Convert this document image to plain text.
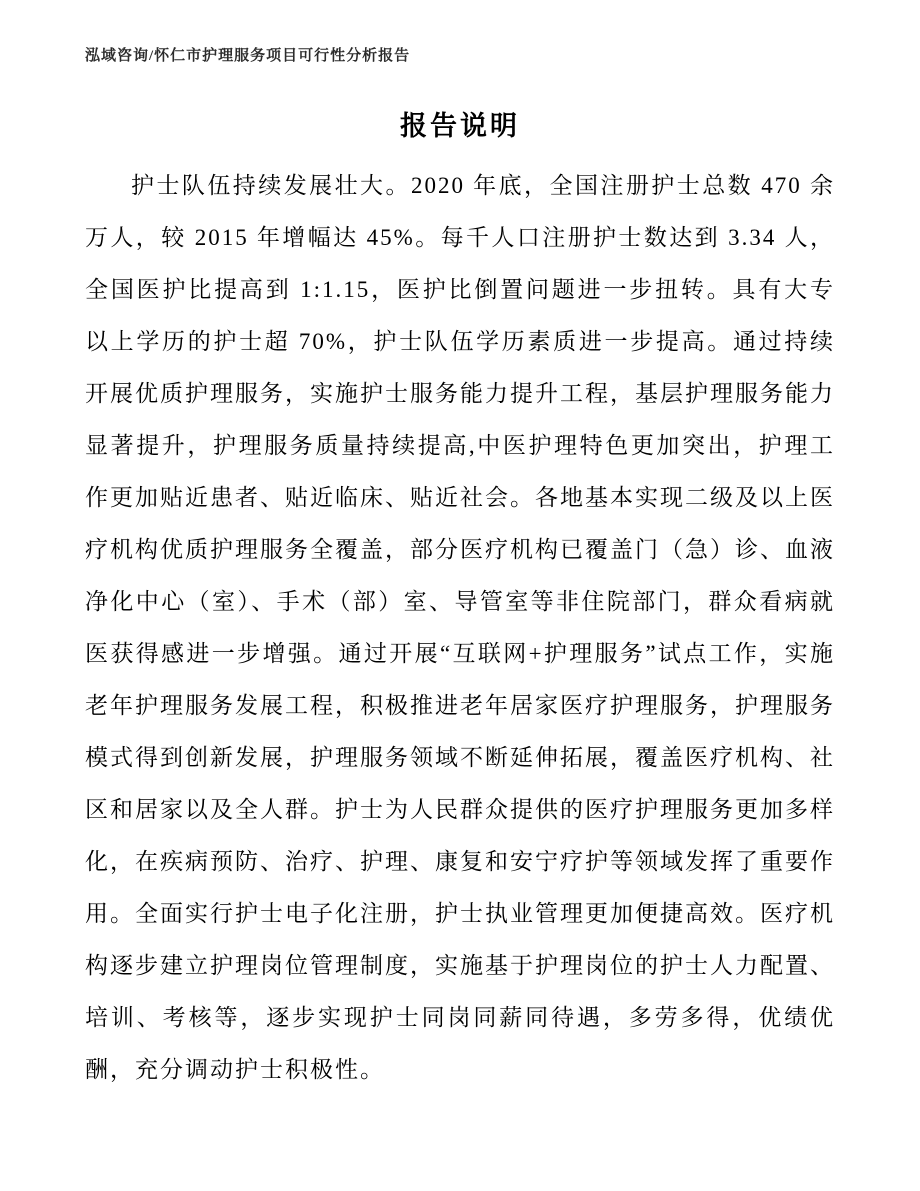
泓域咨询/怀仁市护理服务项目可行性分析报告
报告说明

护士队伍持续发展壮大。2020 年底，全国注册护士总数 470 余万人，较 2015 年增幅达 45%。每千人口注册护士数达到 3.34 人，全国医护比提高到 1:1.15，医护比倒置问题进一步扭转。具有大专以上学历的护士超 70%，护士队伍学历素质进一步提高。通过持续开展优质护理服务，实施护士服务能力提升工程，基层护理服务能力显著提升，护理服务质量持续提高,中医护理特色更加突出，护理工作更加贴近患者、贴近临床、贴近社会。各地基本实现二级及以上医疗机构优质护理服务全覆盖，部分医疗机构已覆盖门（急）诊、血液净化中心（室）、手术（部）室、导管室等非住院部门，群众看病就医获得感进一步增强。通过开展“互联网+护理服务”试点工作，实施老年护理服务发展工程，积极推进老年居家医疗护理服务，护理服务模式得到创新发展，护理服务领域不断延伸拓展，覆盖医疗机构、社区和居家以及全人群。护士为人民群众提供的医疗护理服务更加多样化，在疾病预防、治疗、护理、康复和安宁疗护等领域发挥了重要作用。全面实行护士电子化注册，护士执业管理更加便捷高效。医疗机构逐步建立护理岗位管理制度，实施基于护理岗位的护士人力配置、培训、考核等，逐步实现护士同岗同薪同待遇，多劳多得，优绩优酬，充分调动护士积极性。
